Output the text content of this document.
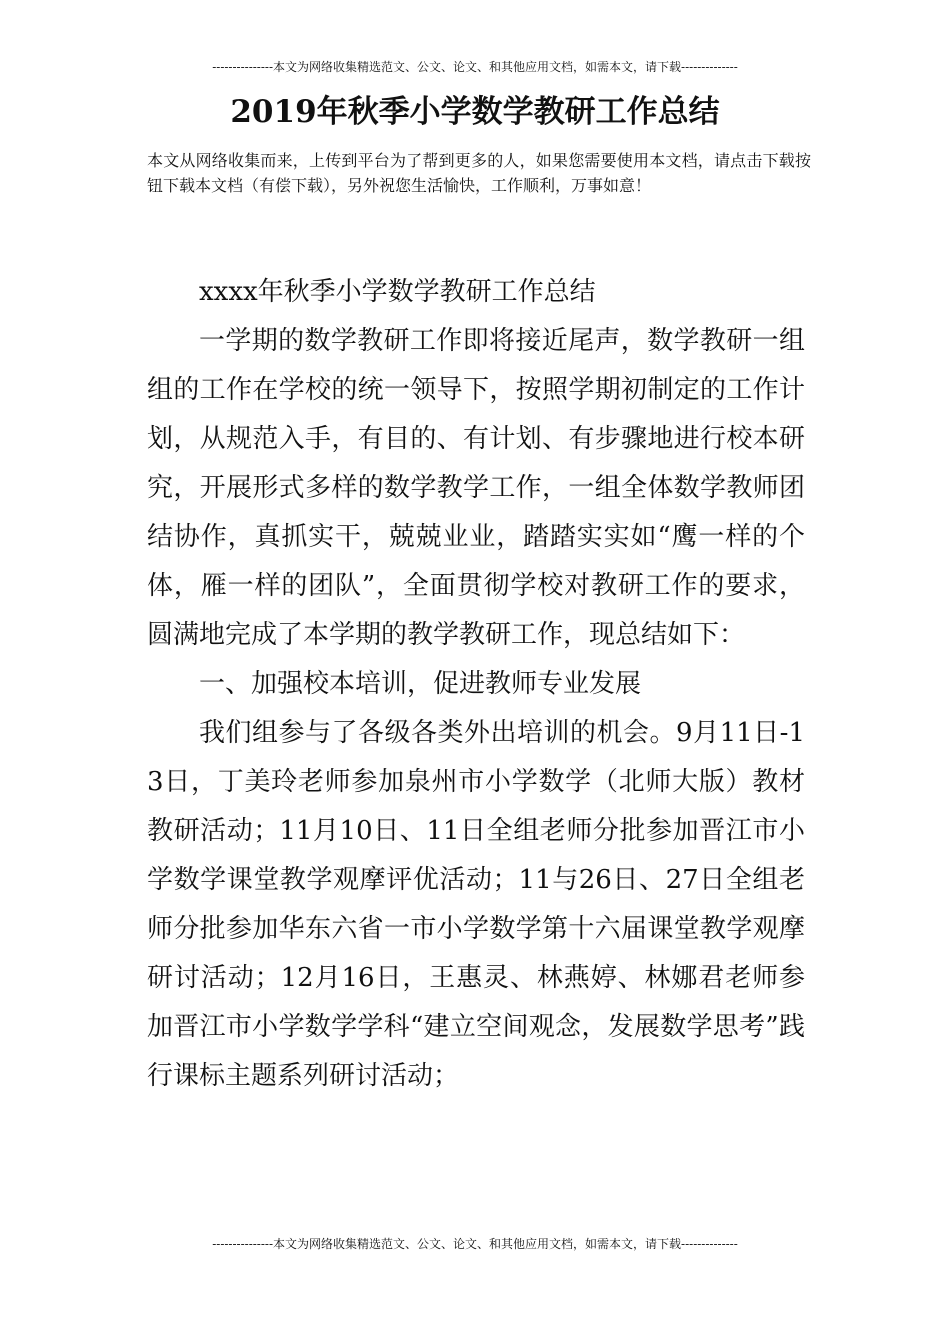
---------------本文为网络收集精选范文、公文、论文、和其他应用文档，如需本文，请下载--------------
2019年秋季小学数学教研工作总结
本文从网络收集而来，上传到平台为了帮到更多的人，如果您需要使用本文档，请点击下载按钮下载本文档（有偿下载），另外祝您生活愉快，工作顺利，万事如意！

xxxx年秋季小学数学教研工作总结

一学期的数学教研工作即将接近尾声，数学教研一组组的工作在学校的统一领导下，按照学期初制定的工作计划，从规范入手，有目的、有计划、有步骤地进行校本研究，开展形式多样的数学教学工作，一组全体数学教师团结协作，真抓实干，兢兢业业，踏踏实实如“鹰一样的个体，雁一样的团队”，全面贯彻学校对教研工作的要求，圆满地完成了本学期的教学教研工作，现总结如下：

一、加强校本培训，促进教师专业发展

我们组参与了各级各类外出培训的机会。9月11日-13日，丁美玲老师参加泉州市小学数学（北师大版）教材教研活动；11月10日、11日全组老师分批参加晋江市小学数学课堂教学观摩评优活动；11与26日、27日全组老师分批参加华东六省一市小学数学第十六届课堂教学观摩研讨活动；12月16日，王惠灵、林燕婷、林娜君老师参加晋江市小学数学学科“建立空间观念，发展数学思考”践行课标主题系列研讨活动；

---------------本文为网络收集精选范文、公文、论文、和其他应用文档，如需本文，请下载--------------
